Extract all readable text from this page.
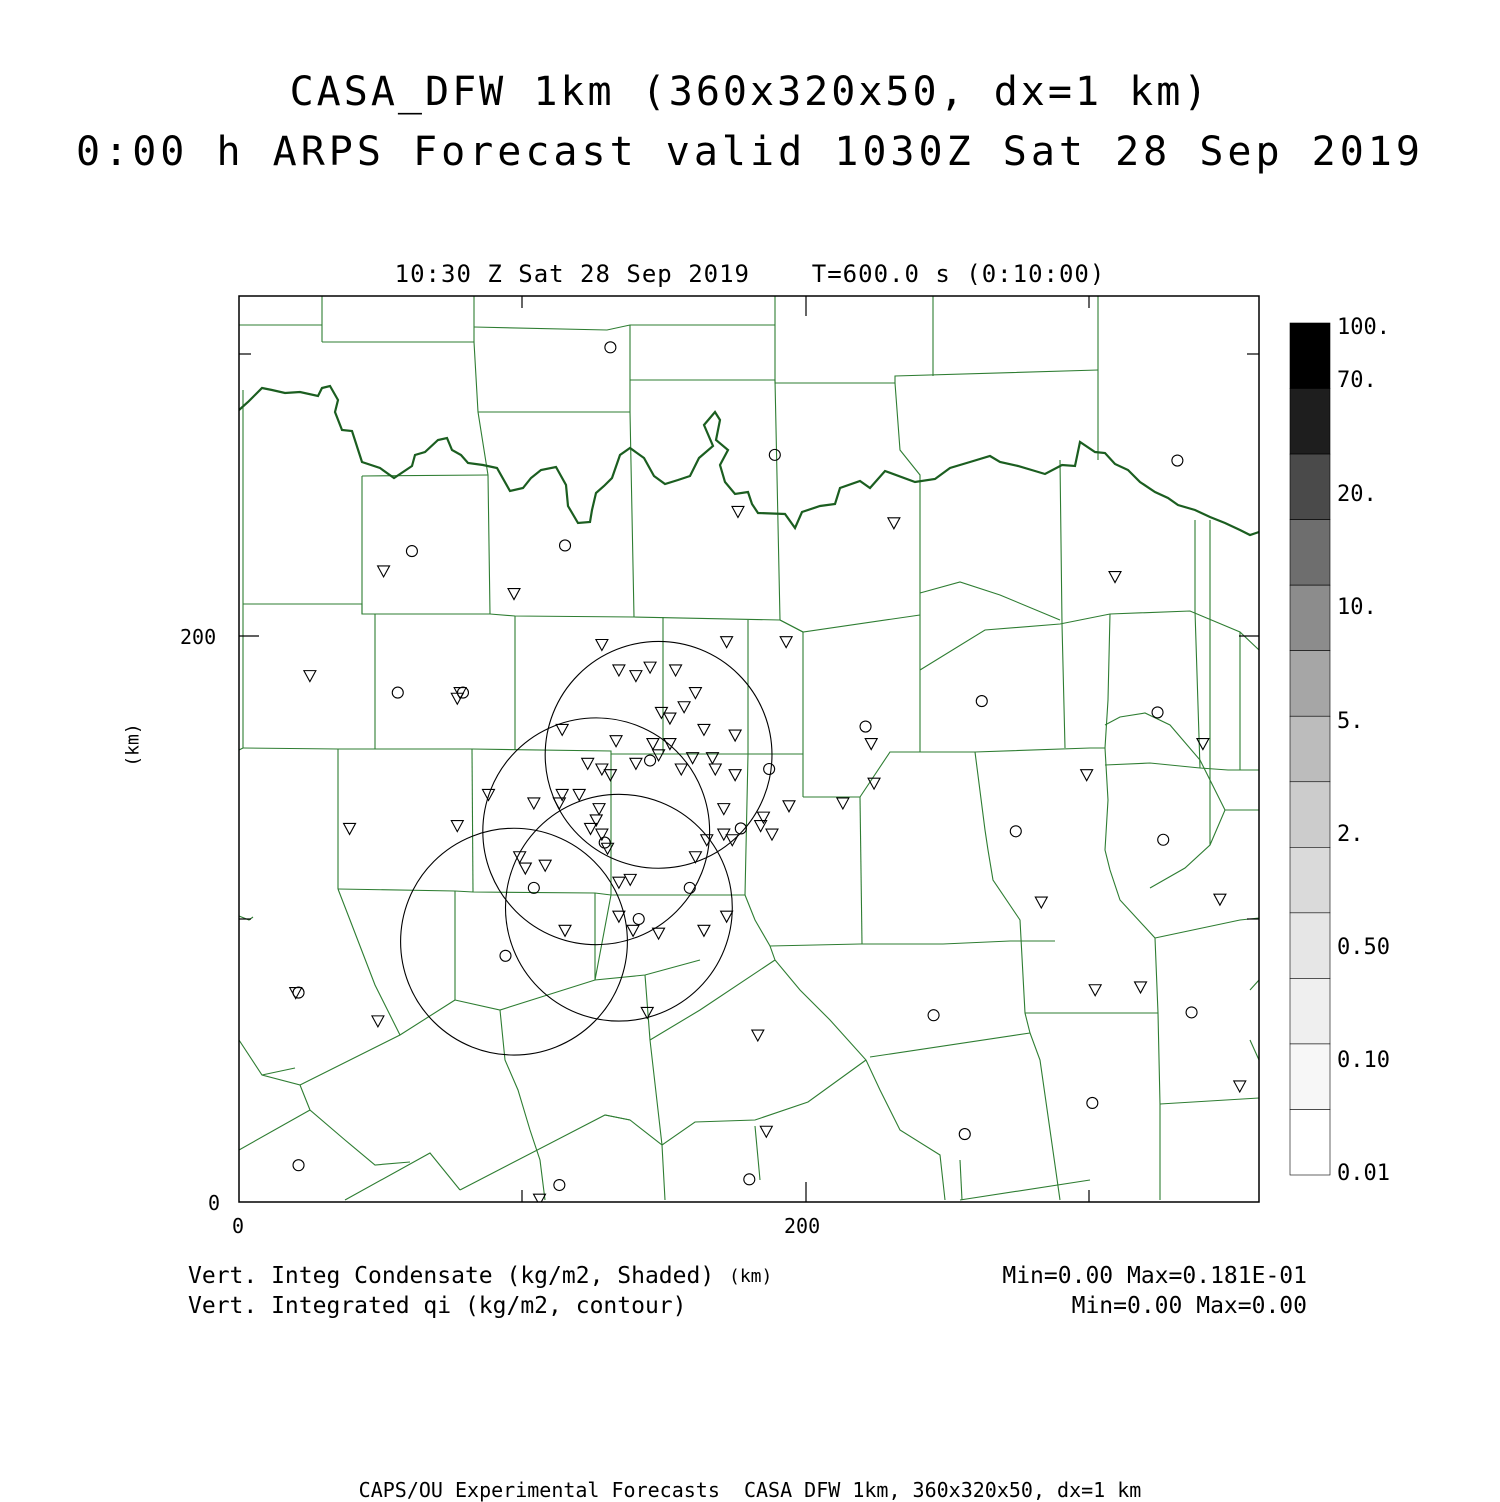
CASA_DFW 1km (360x320x50, dx=1 km)
0:00 h ARPS Forecast valid 1030Z Sat 28 Sep 2019
10:30 Z Sat 28 Sep 2019    T=600.0 s (0:10:00)
200
0
0	200
(km)
(km)
100.
70.
20.
10.
5.
2.
0.50
0.10
0.01
Vert. Integ Condensate (kg/m2, Shaded)
Vert. Integrated qi (kg/m2, contour)
Min=0.00 Max=0.181E-01
Min=0.00 Max=0.00
CAPS/OU Experimental Forecasts  CASA DFW 1km, 360x320x50, dx=1 km
